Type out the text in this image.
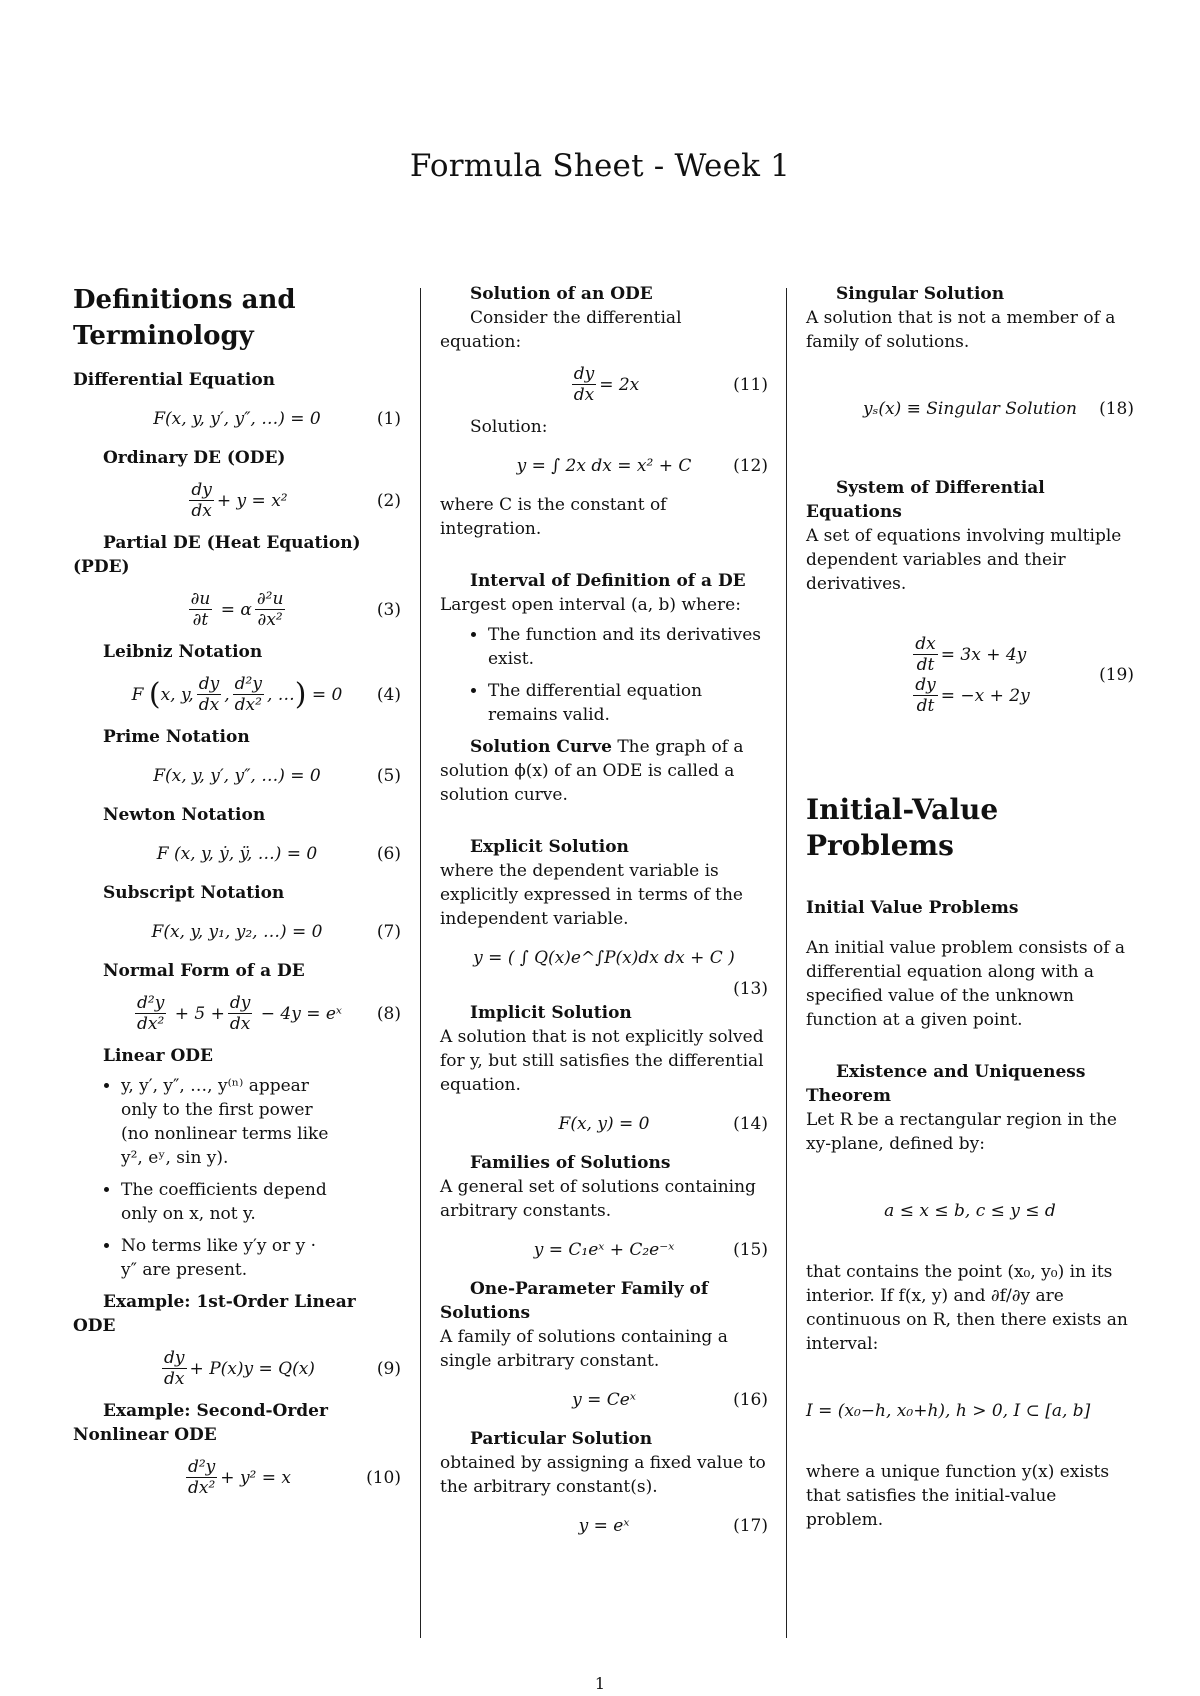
Formula Sheet - Week 1
Definitions and Terminology

Differential Equation

F(x, y, y′, y″, …) = 0	(1)

Ordinary DE (ODE)

$\frac{dy}{dx} + y = x^2$	(2)

Partial DE (Heat Equation) (PDE)

$\frac{\partial u}{\partial t} = \alpha \frac{\text{∂²u}}{\text{∂x²}}$	(3)

Leibniz Notation

F ( x, y, $\frac{dy}{dx}$ , $\frac{\text{d²y}}{\text{dx²}}$ , … ) = 0 (4)

Prime Notation

F(x, y, y′, y″, …) = 0	(5)

Newton Notation

F (x, y, ẏ, ÿ, …) = 0	(6)

Subscript Notation

F(x, y, y₁, y₂, …) = 0	(7)

Normal Form of a DE

$\frac{\text{d²y}}{\text{dx²}} + 5 + \frac{dy}{dx} - 4y$ = eˣ (8)

Linear ODE

• y, y′, y″, …, y⁽ⁿ⁾ appear only to the first power (no nonlinear terms like y², eʸ, sin y).
• The coefficients depend only on x, not y.
• No terms like y′y or y · y″ are present.

Example: 1st-Order Linear ODE

$\frac{dy}{dx} + P(x)y = Q(x)$	(9)

Example: Second-Order Nonlinear ODE

$\frac{\text{d²y}}{\text{dx²}} + y^2 = x$	(10)

Solution of an ODE

Consider the differential equation:

$\frac{dy}{dx} = 2x$	(11)

Solution:

y = ∫ 2x dx = x² + C (12)

where C is the constant of integration.

Interval of Definition of a DE

Largest open interval (a, b) where:

• The function and its derivatives exist.
• The differential equation remains valid.

Solution Curve The graph of a solution ϕ(x) of an ODE is called a solution curve.

Explicit Solution

where the dependent variable is explicitly expressed in terms of the independent variable.

y = ( ∫ Q(x)e^∫P(x)dx dx + C )
(13)

Implicit Solution

A solution that is not explicitly solved for y, but still satisfies the differential equation.

F(x, y) = 0	(14)

Families of Solutions

A general set of solutions containing arbitrary constants.

y = C₁eˣ + C₂e⁻ˣ	(15)

One-Parameter Family of Solutions

A family of solutions containing a single arbitrary constant.

y = Ceˣ	(16)

Particular Solution

obtained by assigning a fixed value to the arbitrary constant(s).

y = eˣ	(17)

Singular Solution

A solution that is not a member of a family of solutions.

yₛ(x) ≡ Singular Solution (18)

System of Differential Equations

A set of equations involving multiple dependent variables and their derivatives.

$\frac{dx}{dt} = 3x + 4y$
$\frac{dy}{dt} = -x + 2y$
(19)
Initial-Value Problems

Initial Value Problems

An initial value problem consists of a differential equation along with a specified value of the unknown function at a given point.

Existence and Uniqueness Theorem

Let R be a rectangular region in the xy-plane, defined by:

a ≤ x ≤ b, c ≤ y ≤ d

that contains the point (x₀, y₀) in its interior. If f(x, y) and ∂f/∂y are continuous on R, then there exists an interval:

I = (x₀−h, x₀+h), h > 0, I ⊂ [a, b]

where a unique function y(x) exists that satisfies the initial-value problem.

1
